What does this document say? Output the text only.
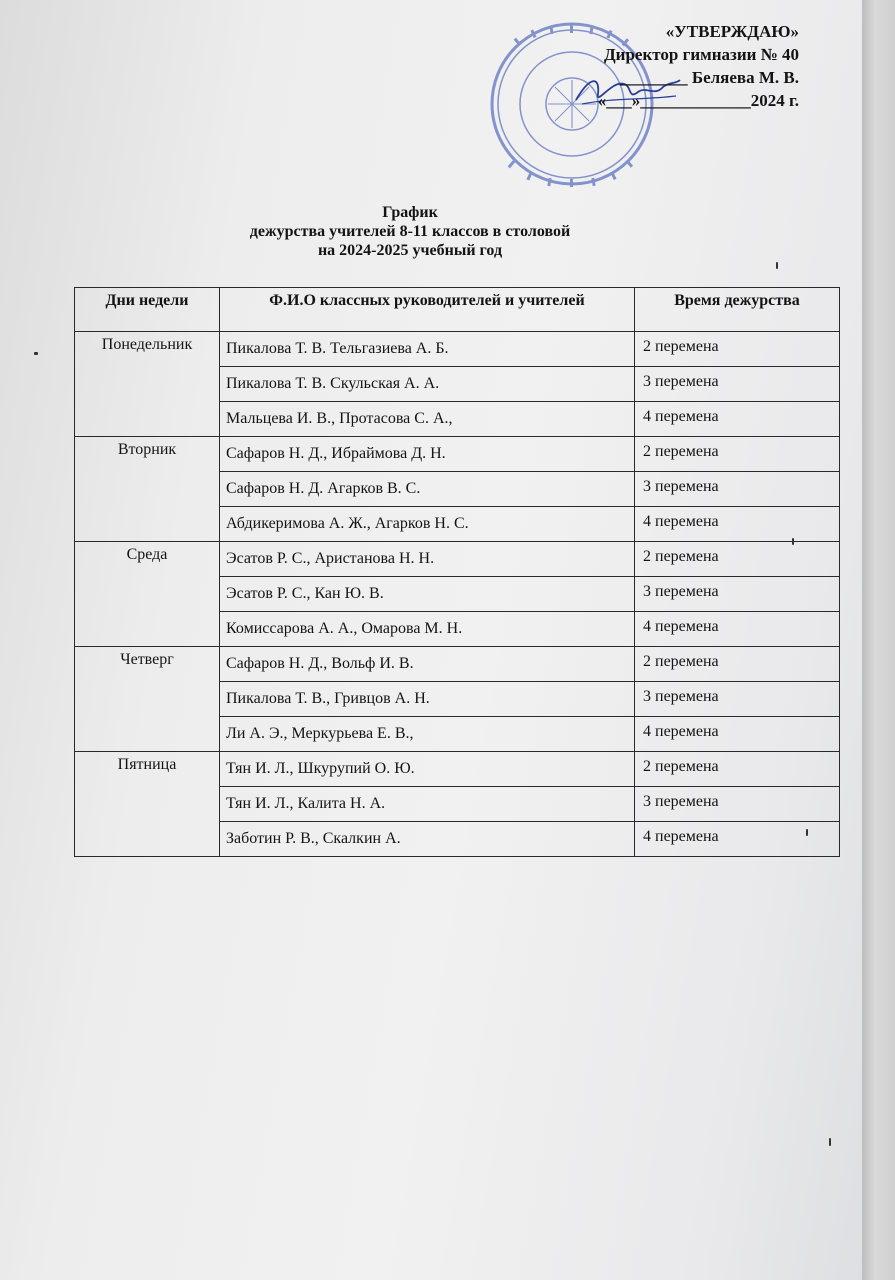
«УТВЕРЖДАЮ»
Директор гимназии № 40
________ Беляева М. В.
«___»_____________2024 г.
График
дежурства учителей 8-11 классов в столовой
на 2024-2025 учебный год
Дни недели	Ф.И.О классных руководителей и учителей	Время дежурства
Понедельник	Пикалова Т. В. Тельгазиева А. Б.	2 перемена
	Пикалова Т. В. Скульская А. А.	3 перемена
	Мальцева И. В., Протасова С. А.,	4 перемена
Вторник	Сафаров Н. Д., Ибраймова Д. Н.	2 перемена
	Сафаров Н. Д. Агарков В. С.	3 перемена
	Абдикеримова А. Ж., Агарков Н. С.	4 перемена
Среда	Эсатов Р. С., Аристанова Н. Н.	2 перемена
	Эсатов Р. С., Кан Ю. В.	3 перемена
	Комиссарова А. А., Омарова М. Н.	4 перемена
Четверг	Сафаров Н. Д., Вольф И. В.	2 перемена
	Пикалова Т. В., Гривцов А. Н.	3 перемена
	Ли А. Э., Меркурьева Е. В.,	4 перемена
Пятница	Тян И. Л., Шкурупий О. Ю.	2 перемена
	Тян И. Л., Калита Н. А.	3 перемена
	Заботин Р. В., Скалкин А.	4 перемена
